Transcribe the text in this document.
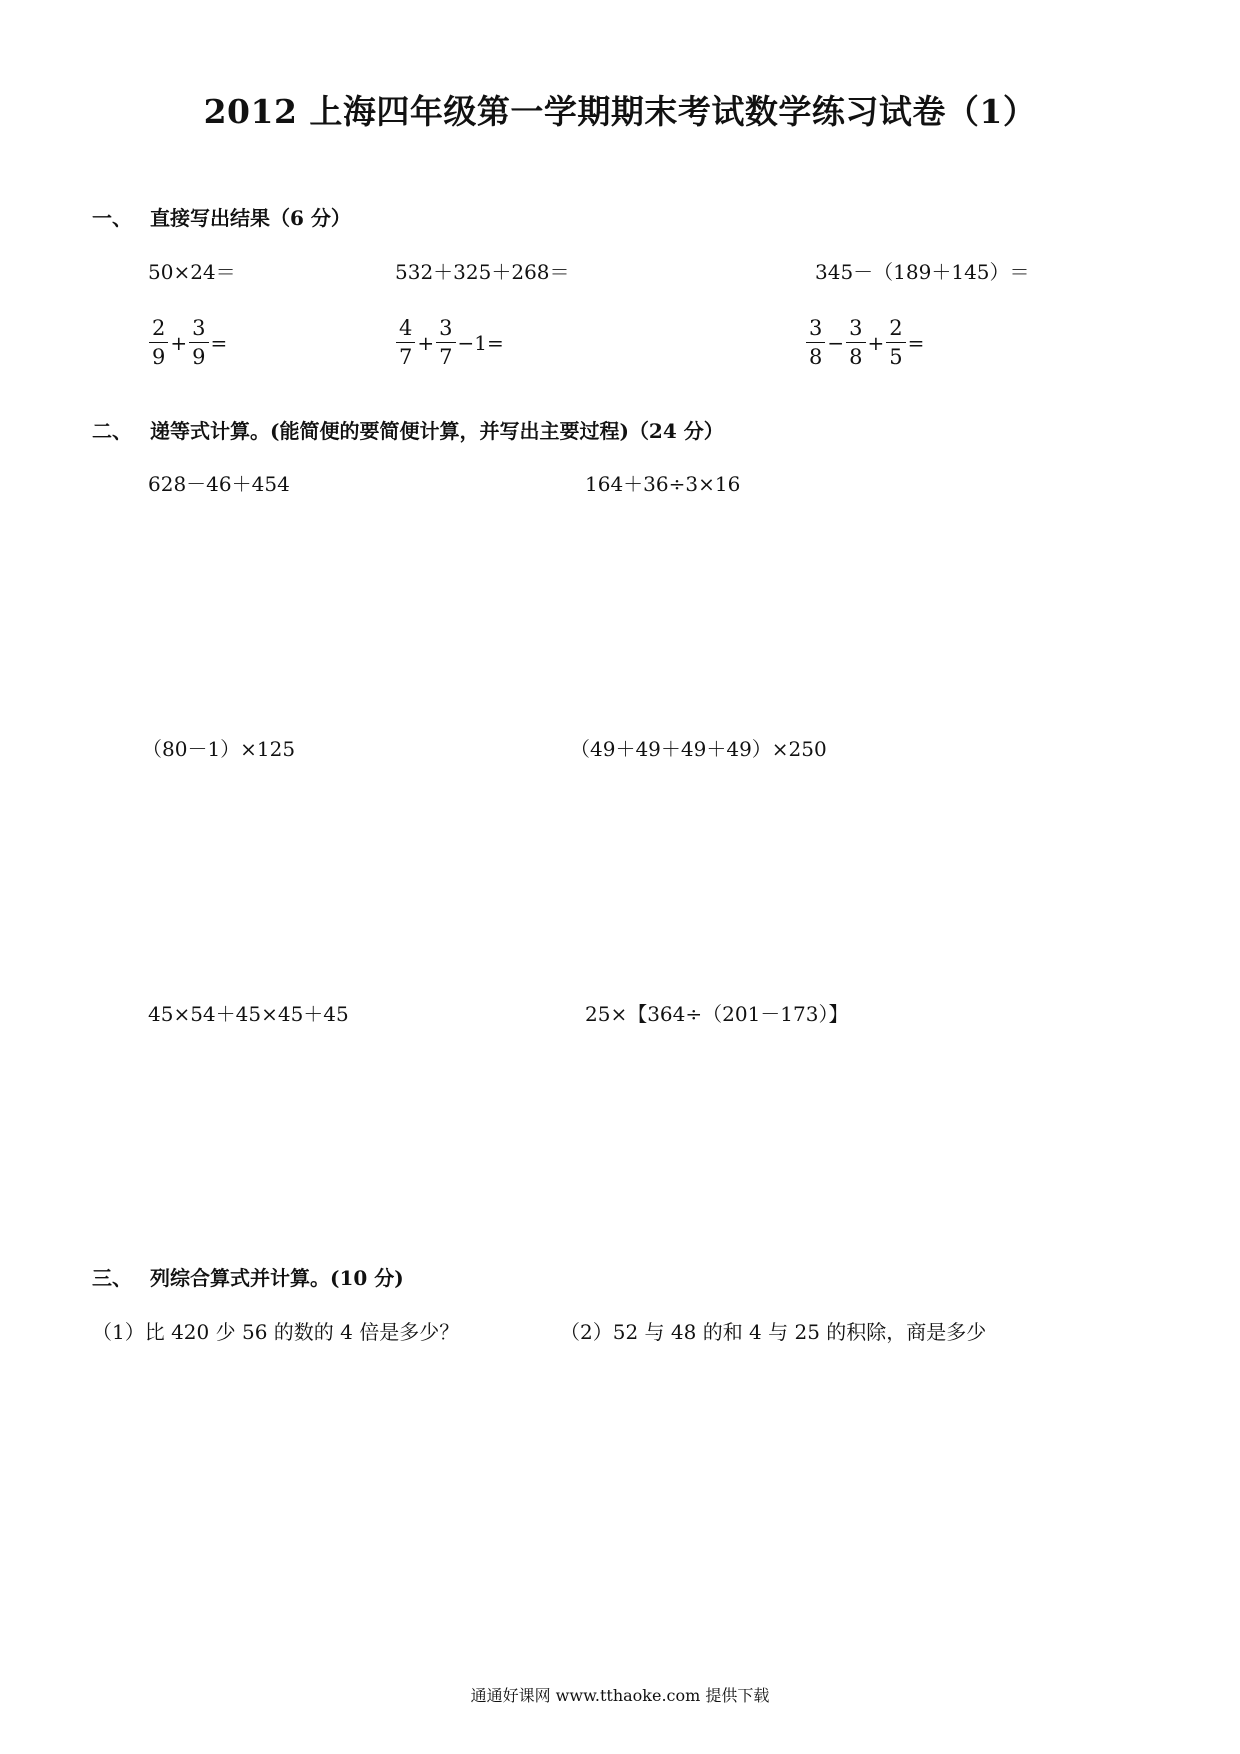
2012 上海四年级第一学期期末考试数学练习试卷（1）
一、 直接写出结果（6 分）
50×24＝	532＋325＋268＝	345－（189＋145）＝
$\frac{2}{9} + \frac{3}{9}$ =	$\frac{4}{7} + \frac{3}{7} -1=$	$\frac{3}{8} - \frac{3}{8} + \frac{2}{5}$ =
二、 递等式计算。(能简便的要简便计算，并写出主要过程)（24 分）
628－46＋454	164＋36÷3×16
（80－1）×125	（49＋49＋49＋49）×250
45×54＋45×45＋45	25×【364÷（201－173）】
三、 列综合算式并计算。(10 分)
（1）比 420 少 56 的数的 4 倍是多少？	（2）52 与 48 的和 4 与 25 的积除，商是多少
通通好课网 www.tthaoke.com 提供下载
